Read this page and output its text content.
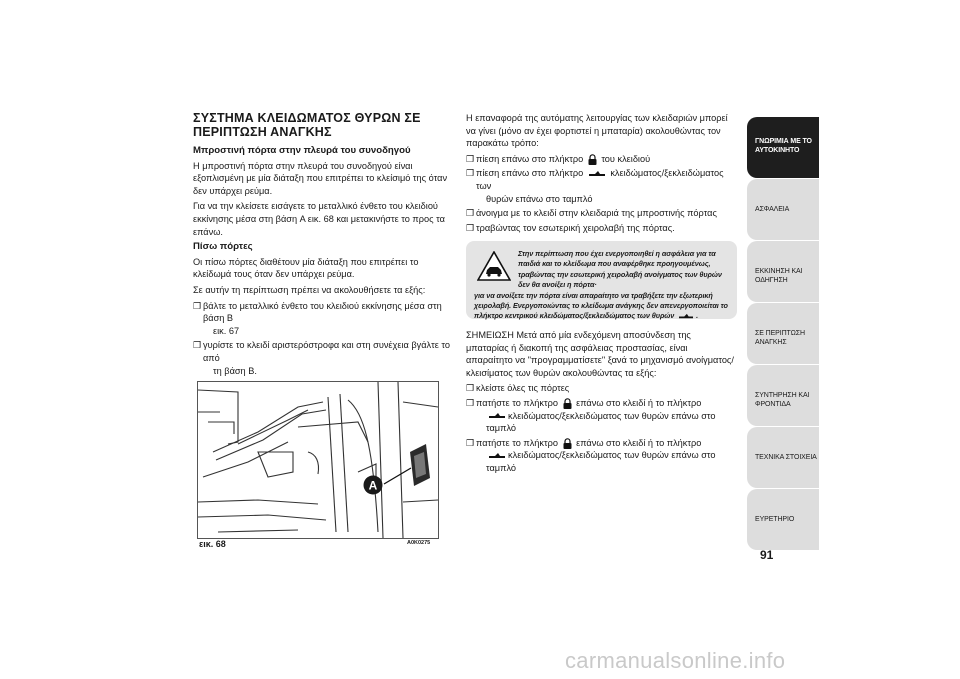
ΣΥΣΤΗΜΑ ΚΛΕΙΔΩΜΑΤΟΣ ΘΥΡΩΝ ΣΕ ΠΕΡΙΠΤΩΣΗ ΑΝΑΓΚΗΣ
Μπροστινή πόρτα στην πλευρά του συνοδηγού

Η μπροστινή πόρτα στην πλευρά του συνοδηγού είναι εξοπλισμένη με μία διάταξη που επιτρέπει το κλείσιμό της όταν δεν υπάρχει ρεύμα.

Για να την κλείσετε εισάγετε το μεταλλικό ένθετο του κλειδιού εκκίνησης μέσα στη βάση A εικ. 68 και μετακινήστε το προς τα επάνω.

Πίσω πόρτες

Οι πίσω πόρτες διαθέτουν μία διάταξη που επιτρέπει το κλείδωμά τους όταν δεν υπάρχει ρεύμα.

Σε αυτήν τη περίπτωση πρέπει να ακολουθήσετε τα εξής:

❒ βάλτε το μεταλλικό ένθετο του κλειδιού εκκίνησης μέσα στη βάση B

εικ. 67
❒ γυρίστε το κλειδί αριστερόστροφα και στη συνέχεια βγάλτε το από

τη βάση B.
A
εικ. 68	A0K0275

Η επαναφορά της αυτόματης λειτουργίας των κλειδαριών μπορεί να γίνει (μόνο αν έχει φορτιστεί η μπαταρία) ακολουθώντας τον παρακάτω τρόπο:

❒ πίεση επάνω στο πλήκτρο του κλειδιού
❒ πίεση επάνω στο πλήκτρο	κλειδώματος/ξεκλειδώματος των

θυρών επάνω στο ταμπλό
❒ άνοιγμα με το κλειδί στην κλειδαριά της μπροστινής πόρτας
❒ τραβώντας τον εσωτερική χειρολαβή της πόρτας.
Στην περίπτωση που έχει ενεργοποιηθεί η ασφάλεια για τα παιδιά και το κλείδωμα που αναφέρθηκε προηγουμένως, τραβώντας την εσωτερική χειρολαβή ανοίγματος των θυρών δεν θα ανοίξει η πόρτα·
για να ανοίξετε την πόρτα είναι απαραίτητο να τραβήξετε την εξωτερική χειρολαβή. Ενεργοποιώντας το κλείδωμα ανάγκης δεν απενεργοποιείται το πλήκτρο κεντρικού κλειδώματος/ξεκλειδώματος των θυρών	.

ΣΗΜΕΙΩΣΗ Μετά από μία ενδεχόμενη αποσύνδεση της μπαταρίας ή διακοπή της ασφάλειας προστασίας, είναι απαραίτητο να "προγραμματίσετε" ξανά το μηχανισμό ανοίγματος/κλεισίματος των θυρών ακολουθώντας τα εξής:

❒ κλείστε όλες τις πόρτες
❒ πατήστε το πλήκτρο επάνω στο κλειδί ή το πλήκτρο

κλειδώματος/ξεκλειδώματος των θυρών επάνω στο ταμπλό
❒ πατήστε το πλήκτρο επάνω στο κλειδί ή το πλήκτρο

κλειδώματος/ξεκλειδώματος των θυρών επάνω στο ταμπλό
ΓΝΩΡΙΜΙΑ ΜΕ ΤΟ ΑΥΤΟΚΙΝΗΤΟ
ΑΣΦΑΛΕΙΑ
ΕΚΚΙΝΗΣΗ ΚΑΙ ΟΔΗΓΗΣΗ
ΣΕ ΠΕΡΙΠΤΩΣΗ ΑΝΑΓΚΗΣ
ΣΥΝΤΗΡΗΣΗ ΚΑΙ ΦΡΟΝΤΙΔΑ
ΤΕΧΝΙΚΑ ΣΤΟΙΧΕΙΑ
ΕΥΡΕΤΗΡΙΟ
91
carmanualsonline.info
